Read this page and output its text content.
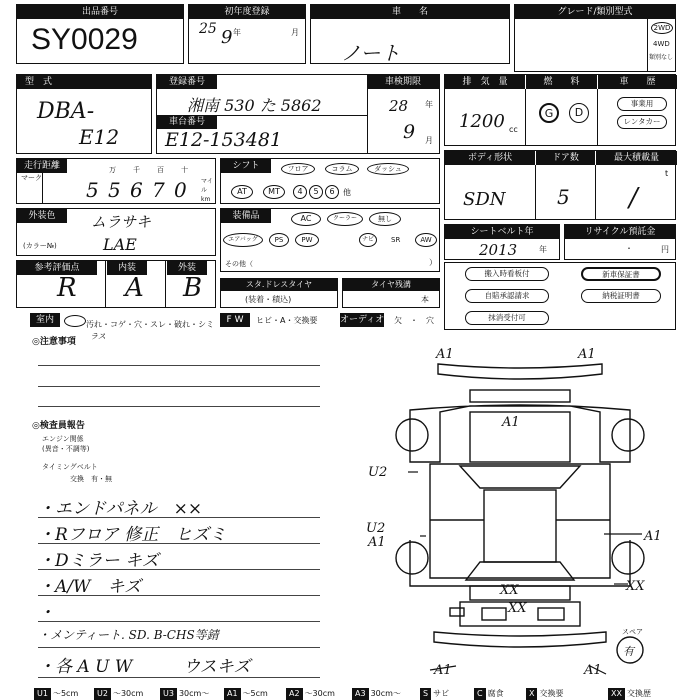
出品番号
SY0029
初年度登録
25 9 年	月
車　　名
ノート
グレード/類別型式
2WD
4WD
類別なし
型　式
DBA-
E12
登録番号
湘南 530 た 5862
車台番号
E12-153481
車検期限
28 年
9 月
排　気　量	燃　　料	車　　歴
1200 cc
G	D
事業用
レンタカー
走行距離
マーク
万 千 百 十
マイル km
5 5 6 7 0
シフト	フロア	コラム	ダッシュ
AT	MT	4	5	6	他
ボディ形状	ドア数	最大積載量
SDN	5
t
/
外装色	ムラサキ
(カラー№)	LAE
装備品	AC	クーラー	無し
エアバッグ	PS	PW	ナビ	SR	AW
その他（	）
シートベルト年
2013	年
リサイクル預託金
・	円
参考評価点	内装	外装
R A B	スタ.ドレスタイヤ
(装着・積込)
タイヤ残溝
本
搬入時看板付	新車保証書
自賠承認請求	納税証明書
抹消受付可
室内	汚れ・コゲ・穴・スレ・破れ・シミ	F W	ヒビ・A・交換要	オーディオ 欠　・　穴
◎注意事項
ラス
◎検査員報告
エンジン関係
(異音・不調等)
タイミングベルト
交換　有・無
・エンドパネル　××
・Rフロア 修正　ヒズミ
・Dミラー キズ
・A/W　キズ
・
・メンティート. SD. B-CHS等錆
・各 A U W　　　ウスキズ
A1	A1
A1
U2
U2
A1	A1
XX
XX
XX
A1	A1
スペア
有
U1 〜5cm	U2 〜30cm	U3 30cm〜	A1 〜5cm	A2 〜30cm	A3 30cm〜	S サビ	C 腐食	X 交換要	XX 交換歴
